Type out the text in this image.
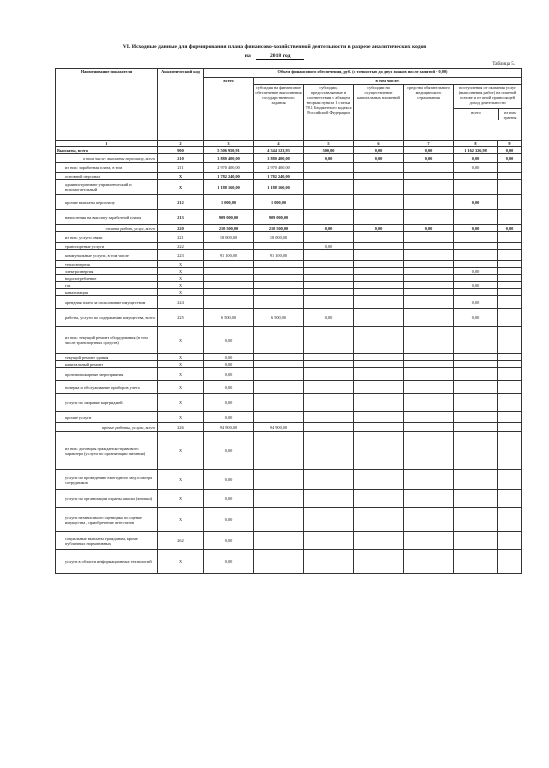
VI. Исходные данные для формирования плана финансово-хозяйственной деятельности в разрезе аналитических кодов
на	2018 год
Таблица 5.
Наименование показателя	Аналитический код	Объем финансового обеспечения, руб. (с точностью до двух знаков после запятой - 0,00)						
		всего	в том числе:					
			субсидия на финансовое обеспечение выполнения государственного задания	субсидии, предоставляемые в соответствии с абзацем вторым пункта 1 статьи 78.1 Бюджетного кодекса Российской Федерации	субсидии на осуществление капитальных вложений	средства обязательного медицинского страхования	поступления от оказания услуг (выполнения работ) на платной основе и от иной приносящей доход деятельности
всего из них гранты	

1	2	3	4	5	6	7	8	9
Выплаты, всего	900	5 506 950,91	4 344 123,93	500,00	0,00	0,00	1 162 326,98	0,00
в том числе: выплаты персоналу, всего	210	3 880 400,00	3 880 400,00	0,00	0,00	0,00	0,00	0,00
из них: заработная плата, в том	211	2 970 400,00	2 970 400,00				0,00	
основной персонал	X	1 782 240,00	1 782 240,00					
административно-управленческий и вспомогательный	X	1 188 160,00	1 188 160,00					
прочие выплаты персоналу	212	1 000,00	1 000,00				0,00	
начисления на выплату заработной платы	213	909 000,00	909 000,00					
оплата работ, услуг, всего	220	210 500,00	210 500,00	0,00	0,00	0,00	0,00	0,00
из них: услуги связи	221	18 000,00	18 000,00					
транспортные услуги	222			0,00				
коммунальные услуги, в том числе	223	91 100,00	91 100,00					
теплоэнергия	X							
электроэнергия	X						0,00	
водопотребление	X							
газ	X						0,00	
канализация	X							
арендная плата за пользование имуществом	224						0,00	
работы, услуги по содержанию имущества, всего	225	6 500,00	6 500,00	0,00			0,00	
из них: текущий ремонт оборудования (в том числе транспортных средств)	X	0,00						
текущий ремонт здания	X	0,00						
капитальный ремонт	X	0,00						
противопожарные мероприятия	X	0,00						
поверка и обслуживание приборов учета	X	0,00						
услуги по заправке картриджей	X	0,00						
прочие услуги	X	0,00						
прочие работы, услуги, всего	226	94 900,00	94 900,00					
из них: договоры гражданско-правового характера (услуги по организации питания)	X	0,00						
услуги по проведению ежегодного мед.осмотра сотрудников	X	0,00						
услуги по организации охраны школы (кнопки)	X	0,00						
услуги независимого оценщика по оценке имущества , приобретение аттестатов	X	0,00						
социальные выплаты гражданам, кроме публичных нормативных	262	0,00						
услуги в области информационных технологий	X	0,00						
